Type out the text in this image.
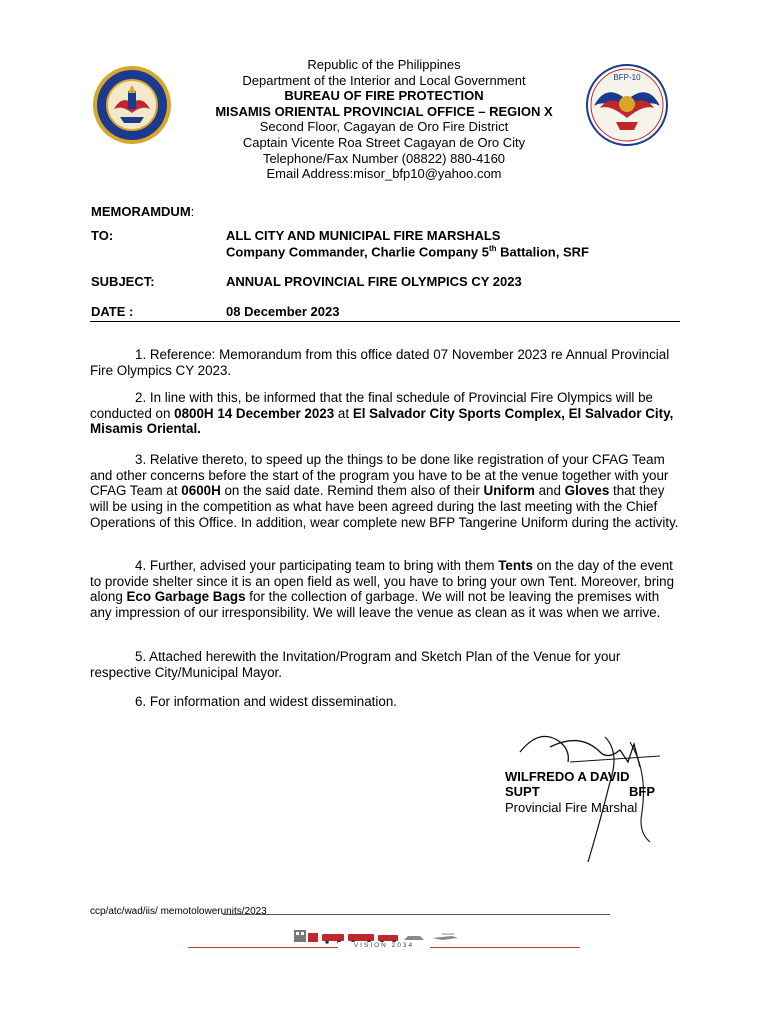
BFP-10
Republic of the Philippines
Department of the Interior and Local Government
BUREAU OF FIRE PROTECTION
MISAMIS ORIENTAL PROVINCIAL OFFICE – REGION X
Second Floor, Cagayan de Oro Fire District
Captain Vicente Roa Street Cagayan de Oro City
Telephone/Fax Number (08822) 880-4160
Email Address:misor_bfp10@yahoo.com
MEMORAMDUM:
TO:	ALL CITY AND MUNICIPAL FIRE MARSHALS
Company Commander, Charlie Company 5th Battalion, SRF
SUBJECT:	ANNUAL PROVINCIAL FIRE OLYMPICS CY 2023
DATE :	08 December 2023
1. Reference: Memorandum from this office dated 07 November 2023 re Annual Provincial Fire Olympics CY 2023.
2. In line with this, be informed that the final schedule of Provincial Fire Olympics will be conducted on 0800H 14 December 2023 at El Salvador City Sports Complex, El Salvador City, Misamis Oriental.
3. Relative thereto, to speed up the things to be done like registration of your CFAG Team and other concerns before the start of the program you have to be at the venue together with your CFAG Team at 0600H on the said date. Remind them also of their Uniform and Gloves that they will be using in the competition as what have been agreed during the last meeting with the Chief Operations of this Office. In addition, wear complete new BFP Tangerine Uniform during the activity.
4. Further, advised your participating team to bring with them Tents on the day of the event to provide shelter since it is an open field as well, you have to bring your own Tent. Moreover, bring along Eco Garbage Bags for the collection of garbage. We will not be leaving the premises with any impression of our irresponsibility. We will leave the venue as clean as it was when we arrive.
5. Attached herewith the Invitation/Program and Sketch Plan of the Venue for your respective City/Municipal Mayor.
6. For information and widest dissemination.
WILFREDO A DAVID
SUPT	BFP
Provincial Fire Marshal
ccp/atc/wad/iis/ memotolowerunits/2023
VISION 2034
